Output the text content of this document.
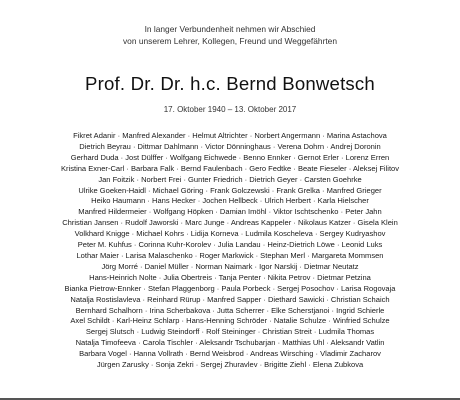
In langer Verbundenheit nehmen wir Abschied
von unserem Lehrer, Kollegen, Freund und Weggefährten
Prof. Dr. Dr. h.c. Bernd Bonwetsch
17. Oktober 1940 – 13. Oktober 2017
Fikret Adanir · Manfred Alexander · Helmut Altrichter · Norbert Angermann · Marina Astachova
Dietrich Beyrau · Dittmar Dahlmann · Victor Dönninghaus · Verena Dohrn · Andrej Doronin
Gerhard Duda · Jost Dülffer · Wolfgang Eichwede · Benno Ennker · Gernot Erler · Lorenz Erren
Kristina Exner-Carl · Barbara Falk · Bernd Faulenbach · Gero Fedtke · Beate Fieseler · Aleksej Filitov
Jan Foitzik · Norbert Frei · Gunter Friedrich · Dietrich Geyer · Carsten Goehrke
Ulrike Goeken-Haidl · Michael Göring · Frank Golczewski · Frank Grelka · Manfred Grieger
Heiko Haumann · Hans Hecker · Jochen Hellbeck · Ulrich Herbert · Karla Hielscher
Manfred Hildermeier · Wolfgang Höpken · Damian Imöhl · Viktor Ischtschenko · Peter Jahn
Christian Jansen · Rudolf Jaworski · Marc Junge · Andreas Kappeler · Nikolaus Katzer · Gisela Klein
Volkhard Knigge · Michael Kohrs · Lidija Korneva · Ludmila Koscheleva · Sergey Kudryashov
Peter M. Kuhfus · Corinna Kuhr-Korolev · Julia Landau · Heinz-Dietrich Löwe · Leonid Luks
Lothar Maier · Larisa Malaschenko · Roger Markwick · Stephan Merl · Margareta Mommsen
Jörg Morré · Daniel Müller · Norman Naimark · Igor Narskij · Dietmar Neutatz
Hans-Heinrich Nolte · Julia Obertreis · Tanja Penter · Nikita Petrov · Dietmar Petzina
Bianka Pietrow-Ennker · Stefan Plaggenborg · Paula Porbeck · Sergej Posochov · Larisa Rogovaja
Natalja Rostislavleva · Reinhard Rürup · Manfred Sapper · Diethard Sawicki · Christian Schaich
Bernhard Schalhorn · Irina Scherbakova · Jutta Scherrer · Elke Scherstjanoi · Ingrid Schierle
Axel Schildt · Karl-Heinz Schlarp · Hans-Henning Schröder · Natalie Schulze · Winfried Schulze
Sergej Slutsch · Ludwig Steindorff · Rolf Steininger · Christian Streit · Ludmila Thomas
Natalja Timofeeva · Carola Tischler · Aleksandr Tschubarjan · Matthias Uhl · Aleksandr Vatlin
Barbara Vogel · Hanna Vollrath · Bernd Weisbrod · Andreas Wirsching · Vladimir Zacharov
Jürgen Zarusky · Sonja Zekri · Sergej Zhuravlev · Brigitte Ziehl · Elena Zubkova
